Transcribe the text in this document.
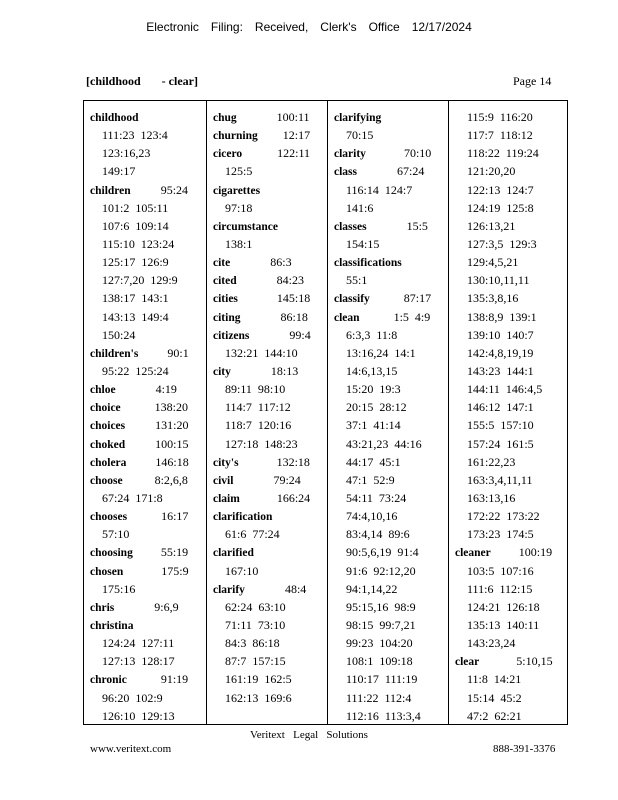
Electronic Filing: Received, Clerk's Office 12/17/2024
[childhood       - clear]	Page 14
childhood
111:23  123:4
123:16,23
149:17
children	95:24
101:2  105:11
107:6  109:14
115:10  123:24
125:17  126:9
127:7,20  129:9
138:17  143:1
143:13  149:4
150:24
children's 90:1
95:22  125:24
chloe	4:19
choice	138:20
choices	131:20
choked	100:15
cholera 146:18
choose	8:2,6,8
67:24  171:8
chooses	16:17
57:10
choosing 55:19
chosen	175:9
175:16
chris	9:6,9
christina
124:24  127:11
127:13  128:17
chronic	91:19
96:20  102:9
126:10  129:13
chug	100:11
churning 12:17
cicero	122:11
125:5
cigarettes
97:18
circumstance
138:1
cite	86:3
cited	84:23
cities	145:18
citing	86:18
citizens	99:4
132:21  144:10
city	18:13
89:11  98:10
114:7  117:12
118:7  120:16
127:18  148:23
city's	132:18
civil	79:24
claim	166:24
clarification
61:6  77:24
clarified
167:10
clarify	48:4
62:24  63:10
71:11  73:10
84:3  86:18
87:7  157:15
161:19  162:5
162:13  169:6
clarifying
70:15
clarity	70:10
class	67:24
116:14  124:7
141:6
classes	15:5
154:15
classifications
55:1
classify	87:17
clean	1:5  4:9
6:3,3  11:8
13:16,24  14:1
14:6,13,15
15:20  19:3
20:15  28:12
37:1  41:14
43:21,23  44:16
44:17  45:1
47:1  52:9
54:11  73:24
74:4,10,16
83:4,14  89:6
90:5,6,19  91:4
91:6  92:12,20
94:1,14,22
95:15,16  98:9
98:15  99:7,21
99:23  104:20
108:1  109:18
110:17  111:19
111:22  112:4
112:16  113:3,4
115:9  116:20
117:7  118:12
118:22  119:24
121:20,20
122:13  124:7
124:19  125:8
126:13,21
127:3,5  129:3
129:4,5,21
130:10,11,11
135:3,8,16
138:8,9  139:1
139:10  140:7
142:4,8,19,19
143:23  144:1
144:11  146:4,5
146:12  147:1
155:5  157:10
157:24  161:5
161:22,23
163:3,4,11,11
163:13,16
172:22  173:22
173:23  174:5
cleaner 100:19
103:5  107:16
111:6  112:15
124:21  126:18
135:13  140:11
143:23,24
clear	5:10,15
11:8  14:21
15:14  45:2
47:2  62:21
Veritext   Legal   Solutions
www.veritext.com	888-391-3376
